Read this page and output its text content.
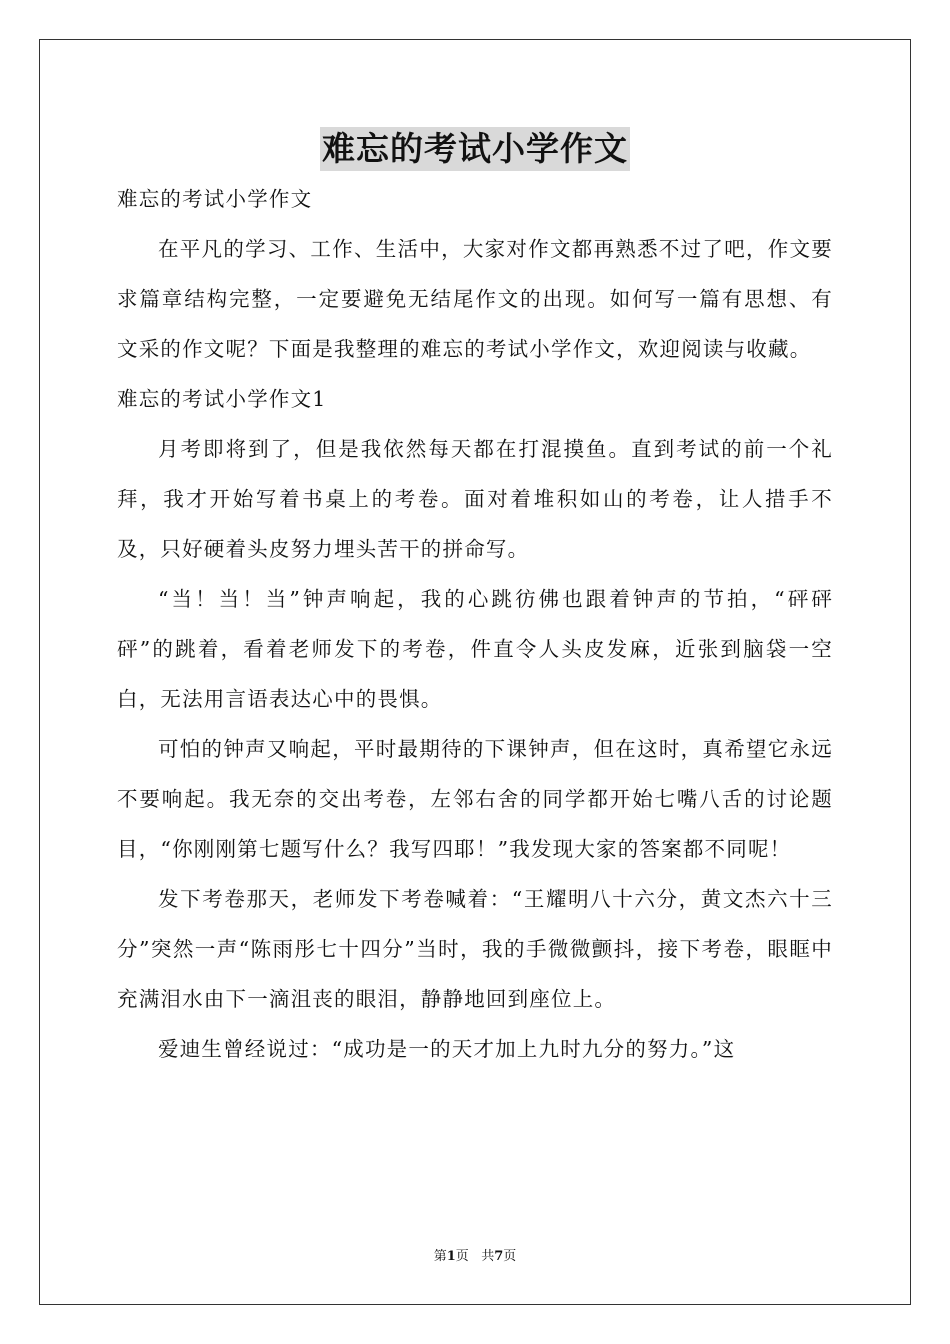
难忘的考试小学作文

难忘的考试小学作文

在平凡的学习、工作、生活中，大家对作文都再熟悉不过了吧，作文要求篇章结构完整，一定要避免无结尾作文的出现。如何写一篇有思想、有文采的作文呢？下面是我整理的难忘的考试小学作文，欢迎阅读与收藏。

难忘的考试小学作文1

月考即将到了，但是我依然每天都在打混摸鱼。直到考试的前一个礼拜，我才开始写着书桌上的考卷。面对着堆积如山的考卷，让人措手不及，只好硬着头皮努力埋头苦干的拼命写。

“当！当！当”钟声响起，我的心跳彷佛也跟着钟声的节拍，“砰砰砰”的跳着，看着老师发下的考卷，件直令人头皮发麻，近张到脑袋一空白，无法用言语表达心中的畏惧。

可怕的钟声又响起，平时最期待的下课钟声，但在这时，真希望它永远不要响起。我无奈的交出考卷，左邻右舍的同学都开始七嘴八舌的讨论题目，“你刚刚第七题写什么？我写四耶！”我发现大家的答案都不同呢！

发下考卷那天，老师发下考卷喊着：“王耀明八十六分，黄文杰六十三分”突然一声“陈雨彤七十四分”当时，我的手微微颤抖，接下考卷，眼眶中充满泪水由下一滴沮丧的眼泪，静静地回到座位上。

爱迪生曾经说过：“成功是一的天才加上九时九分的努力。”这

第1页 共7页
